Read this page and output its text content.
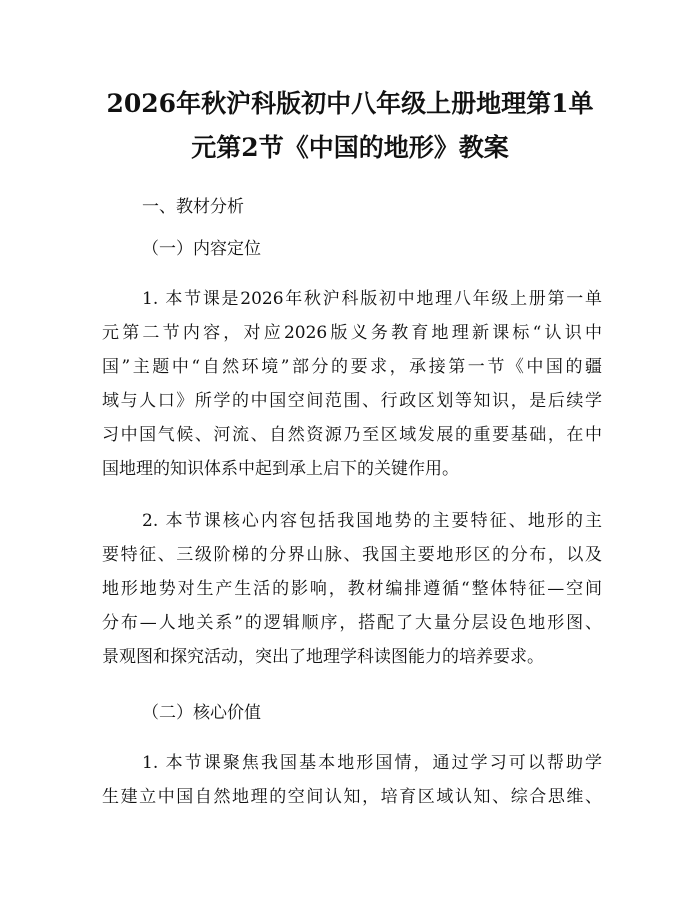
2026年秋沪科版初中八年级上册地理第1单
元第2节《中国的地形》教案
一、教材分析
（一）内容定位
1. 本节课是2026年秋沪科版初中地理八年级上册第一单
元第二节内容，对应2026版义务教育地理新课标“认识中
国”主题中“自然环境”部分的要求，承接第一节《中国的疆
域与人口》所学的中国空间范围、行政区划等知识，是后续学
习中国气候、河流、自然资源乃至区域发展的重要基础，在中
国地理的知识体系中起到承上启下的关键作用。
2. 本节课核心内容包括我国地势的主要特征、地形的主
要特征、三级阶梯的分界山脉、我国主要地形区的分布，以及
地形地势对生产生活的影响，教材编排遵循“整体特征—空间
分布—人地关系”的逻辑顺序，搭配了大量分层设色地形图、
景观图和探究活动，突出了地理学科读图能力的培养要求。
（二）核心价值
1. 本节课聚焦我国基本地形国情，通过学习可以帮助学
生建立中国自然地理的空间认知，培育区域认知、综合思维、
